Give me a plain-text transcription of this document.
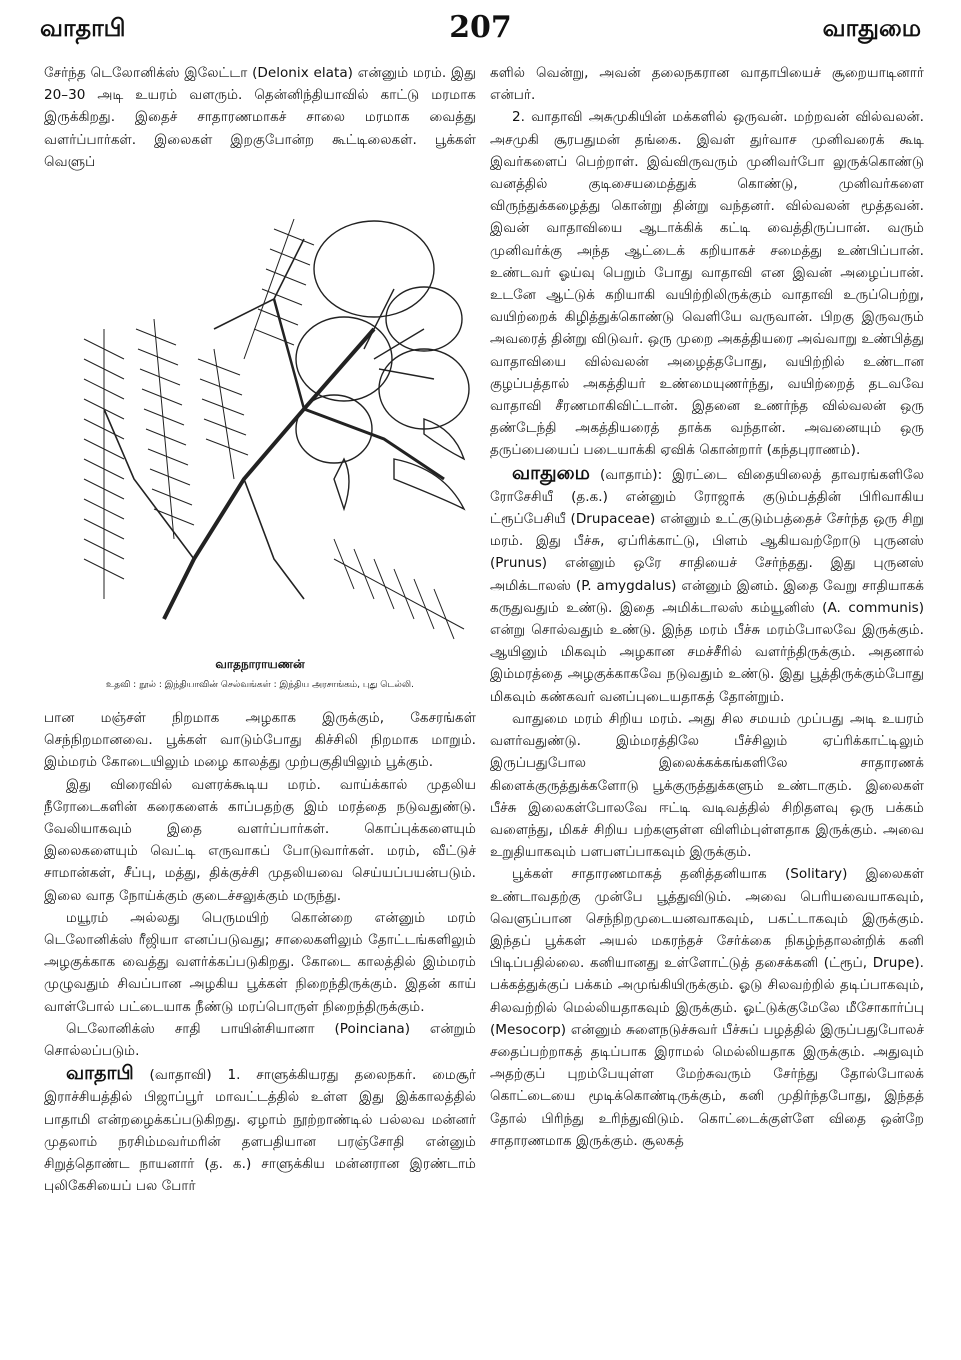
வாதாபி	207	வாதுமை

சேர்ந்த டெலோனிக்ஸ் இலேட்டா (Delonix elata) என்னும் மரம். இது 20–30 அடி உயரம் வளரும். தென்னிந்தியாவில் காட்டு மரமாக இருக்கிறது. இதைச் சாதாரணமாகச் சாலை மரமாக வைத்து வளர்ப்பார்கள். இலைகள் இறகுபோன்ற கூட்டிலைகள். பூக்கள் வெளுப்

வாதநாராயணன்
உதவி : நூல் : இந்தியாவின் செல்வங்கள் : இந்திய அரசாங்கம், புது டெல்லி.

பான மஞ்சள் நிறமாக அழகாக இருக்கும், கேசரங்கள் செந்நிறமானவை. பூக்கள் வாடும்போது கிச்சிலி நிறமாக மாறும். இம்மரம் கோடையிலும் மழை காலத்து முற்பகுதியிலும் பூக்கும்.

இது விரைவில் வளரக்கூடிய மரம். வாய்க்கால் முதலிய நீரோடைகளின் கரைகளைக் காப்பதற்கு இம் மரத்தை நடுவதுண்டு. வேலியாகவும் இதை வளர்ப்பார்கள். கொப்புக்களையும் இலைகளையும் வெட்டி எருவாகப் போடுவார்கள். மரம், வீட்டுச் சாமான்கள், சீப்பு, மத்து, திக்குச்சி முதலியவை செய்யப்பயன்படும். இலை வாத நோய்க்கும் குடைச்சலுக்கும் மருந்து.

மயூரம் அல்லது பெருமயிற் கொன்றை என்னும் மரம் டெலோனிக்ஸ் ரீஜியா எனப்படுவது; சாலைகளிலும் தோட்டங்களிலும் அழகுக்காக வைத்து வளர்க்கப்படுகிறது. கோடை காலத்தில் இம்மரம் முழுவதும் சிவப்பான அழகிய பூக்கள் நிறைந்திருக்கும். இதன் காய் வாள்போல் பட்டையாக நீண்டு மரப்பொருள் நிறைந்திருக்கும்.

டெலோனிக்ஸ் சாதி பாயின்சியானா (Poinciana) என்றும் சொல்லப்படும்.

வாதாபி (வாதாவி) 1. சாளுக்கியரது தலைநகர். மைசூர் இராச்சியத்தில் பிஜாப்பூர் மாவட்டத்தில் உள்ள இது இக்காலத்தில் பாதாமி என்றழைக்கப்படுகிறது. ஏழாம் நூற்றாண்டில் பல்லவ மன்னர் முதலாம் நரசிம்மவர்மரின் தளபதியான பரஞ்சோதி என்னும் சிறுத்தொண்ட நாயனார் (த. க.) சாளுக்கிய மன்னரான இரண்டாம் புலிகேசியைப் பல போர்

களில் வென்று, அவன் தலைநகரான வாதாபியைச் சூறையாடினார் என்பர்.

2. வாதாவி அசுமுகியின் மக்களில் ஒருவன். மற்றவன் வில்வலன். அசமுகி சூரபதுமன் தங்கை. இவள் துர்வாச முனிவரைக் கூடி இவர்களைப் பெற்றாள். இவ்விருவரும் முனிவர்போ லுருக்கொண்டு வனத்தில் குடிசையமைத்துக் கொண்டு, முனிவர்களை விருந்துக்கழைத்து கொன்று தின்று வந்தனர். வில்வலன் மூத்தவன். இவன் வாதாவியை ஆடாக்கிக் கட்டி வைத்திருப்பான். வரும் முனிவர்க்கு அந்த ஆட்டைக் கறியாகச் சமைத்து உண்பிப்பான். உண்டவர் ஓய்வு பெறும் போது வாதாவி என இவன் அழைப்பான். உடனே ஆட்டுக் கறியாகி வயிற்றிலிருக்கும் வாதாவி உருப்பெற்று, வயிற்றைக் கிழித்துக்கொண்டு வெளியே வருவான். பிறகு இருவரும் அவரைத் தின்று விடுவர். ஒரு முறை அகத்தியரை அவ்வாறு உண்பித்து வாதாவியை வில்வலன் அழைத்தபோது, வயிற்றில் உண்டான குழப்பத்தால் அகத்தியர் உண்மையுணர்ந்து, வயிற்றைத் தடவவே வாதாவி சீரணமாகிவிட்டான். இதனை உணர்ந்த வில்வலன் ஒரு தண்டேந்தி அகத்தியரைத் தாக்க வந்தான். அவனையும் ஒரு தருப்பையைப் படையாக்கி ஏவிக் கொன்றார் (கந்தபுராணம்).

வாதுமை (வாதாம்): இரட்டை விதையிலைத் தாவரங்களிலே ரோசேசியீ (த.க.) என்னும் ரோஜாக் குடும்பத்தின் பிரிவாகிய ட்ரூப்பேசியீ (Drupaceae) என்னும் உட்குடும்பத்தைச் சேர்ந்த ஒரு சிறு மரம். இது பீச்சு, ஏப்ரிக்காட்டு, பிளம் ஆகியவற்றோடு புருனஸ் (Prunus) என்னும் ஒரே சாதியைச் சேர்ந்தது. இது புருனஸ் அமிக்டாலஸ் (P. amygdalus) என்னும் இனம். இதை வேறு சாதியாகக் கருதுவதும் உண்டு. இதை அமிக்டாலஸ் கம்யூனிஸ் (A. communis) என்று சொல்வதும் உண்டு. இந்த மரம் பீச்சு மரம்போலவே இருக்கும். ஆயினும் மிகவும் அழகான சமச்சீரில் வளர்ந்திருக்கும். அதனால் இம்மரத்தை அழகுக்காகவே நடுவதும் உண்டு. இது பூத்திருக்கும்போது மிகவும் கண்கவர் வனப்புடையதாகத் தோன்றும்.

வாதுமை மரம் சிறிய மரம். அது சில சமயம் முப்பது அடி உயரம் வளர்வதுண்டு. இம்மரத்திலே பீச்சிலும் ஏப்ரிக்காட்டிலும் இருப்பதுபோல இலைக்கக்கங்களிலே சாதாரணக் கிளைக்குருத்துக்களோடு பூக்குருத்துக்களும் உண்டாகும். இலைகள் பீச்சு இலைகள்போலவே ஈட்டி வடிவத்தில் சிறிதளவு ஒரு பக்கம் வளைந்து, மிகச் சிறிய பற்களுள்ள விளிம்புள்ளதாக இருக்கும். அவை உறுதியாகவும் பளபளப்பாகவும் இருக்கும்.

பூக்கள் சாதாரணமாகத் தனித்தனியாக (Solitary) இலைகள் உண்டாவதற்கு முன்பே பூத்துவிடும். அவை பெரியவையாகவும், வெளுப்பான செந்நிறமுடையனவாகவும், பகட்டாகவும் இருக்கும். இந்தப் பூக்கள் அயல் மகரந்தச் சேர்க்கை நிகழ்ந்தாலன்றிக் கனி பிடிப்பதில்லை. கனியானது உள்ளோட்டுத் தசைக்கனி (ட்ரூப், Drupe). பக்கத்துக்குப் பக்கம் அமுங்கியிருக்கும். ஓடு சிலவற்றில் தடிப்பாகவும், சிலவற்றில் மெல்லியதாகவும் இருக்கும். ஓட்டுக்குமேலே மீசோகார்ப்பு (Mesocorp) என்னும் சுளைநடுச்சுவர் பீச்சுப் பழத்தில் இருப்பதுபோலச் சதைப்பற்றாகத் தடிப்பாக இராமல் மெல்லியதாக இருக்கும். அதுவும் அதற்குப் புறம்பேயுள்ள மேற்சுவரும் சேர்ந்து தோல்போலக் கொட்டையை மூடிக்கொண்டிருக்கும், கனி முதிர்ந்தபோது, இந்தத் தோல் பிரிந்து உரிந்துவிடும். கொட்டைக்குள்ளே விதை ஒன்றே சாதாரணமாக இருக்கும். சூலகத்
